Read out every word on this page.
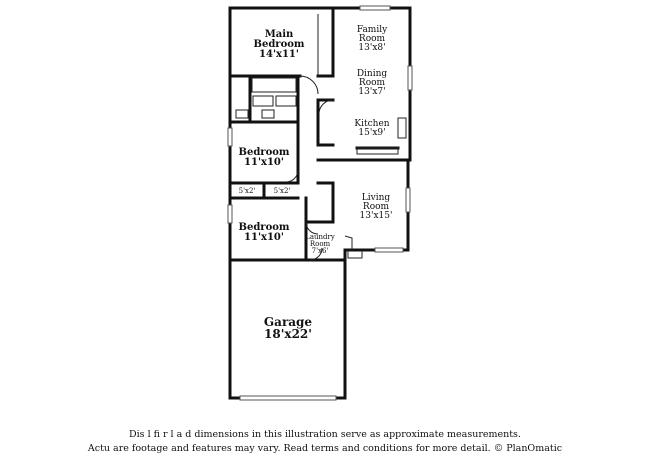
Main
Bedroom
14'x11'
Family
Room
13'x8'
Dining
Room
13'x7'
Kitchen
15'x9'
Bedroom
11'x10'
5'x2'	5'x2'
Living
Room
13'x15'
Bedroom
11'x10'	Laundry
Room
7'x6'
Garage
18'x22'
Dis l fi r l a d dimensions in this illustration serve as approximate measurements.
Actu are footage and features may vary. Read terms and conditions for more detail. © PlanOmatic
